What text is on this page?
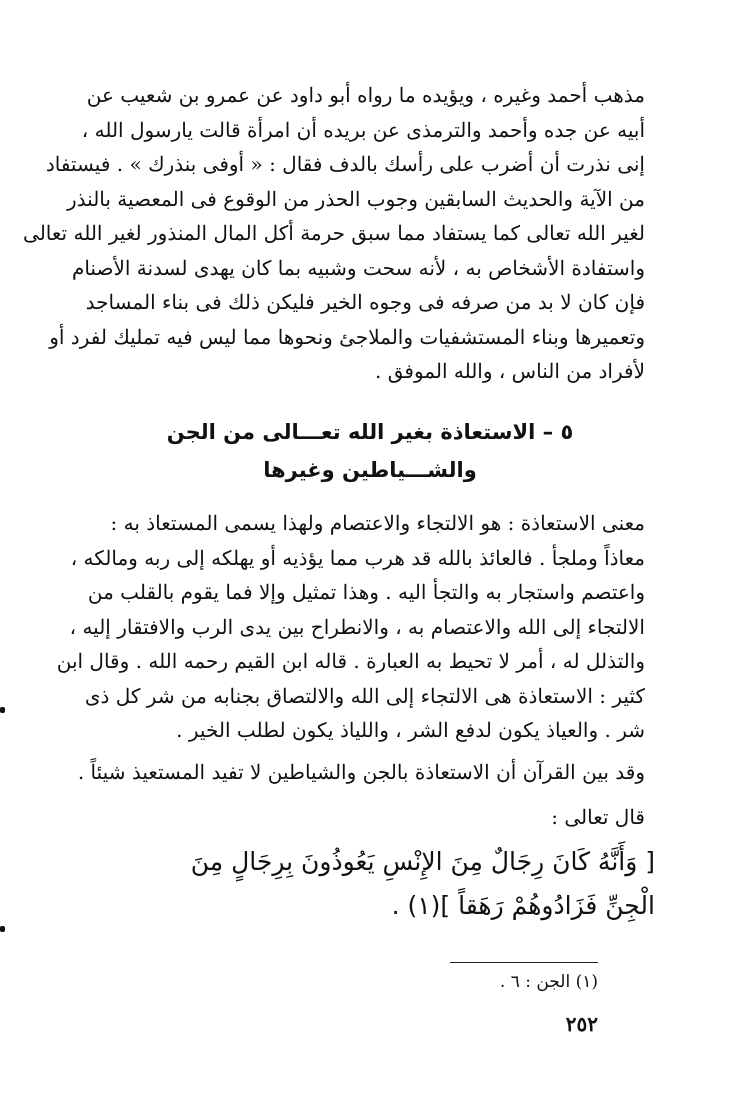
مذهب أحمد وغيره ، ويؤيده ما رواه أبو داود عن عمرو بن شعيب عن
أبيه عن جده وأحمد والترمذى عن بريده أن امرأة قالت يارسول الله ،
إنى نذرت أن أضرب على رأسك بالدف فقال : « أوفى بنذرك » . فيستفاد
من الآية والحديث السابقين وجوب الحذر من الوقوع فى المعصية بالنذر
لغير الله تعالى كما يستفاد مما سبق حرمة أكل المال المنذور لغير الله تعالى
واستفادة الأشخاص به ، لأنه سحت وشبيه بما كان يهدى لسدنة الأصنام
فإن كان لا بد من صرفه فى وجوه الخير فليكن ذلك فى بناء المساجد
وتعميرها وبناء المستشفيات والملاجئ ونحوها مما ليس فيه تمليك لفرد أو
لأفراد من الناس ، والله الموفق .
٥ – الاستعاذة بغير الله تعـــالى من الجن
والشـــياطين وغيرها
معنى الاستعاذة : هو الالتجاء والاعتصام ولهذا يسمى المستعاذ به :
معاذاً وملجأ . فالعائذ بالله قد هرب مما يؤذيه أو يهلكه إلى ربه ومالكه ،
واعتصم واستجار به والتجأ اليه . وهذا تمثيل وإلا فما يقوم بالقلب من
الالتجاء إلى الله والاعتصام به ، والانطراح بين يدى الرب والافتقار إليه ،
والتذلل له ، أمر لا تحيط به العبارة . قاله ابن القيم رحمه الله . وقال ابن
كثير : الاستعاذة هى الالتجاء إلى الله والالتصاق بجنابه من شر كل ذى
شر . والعياذ يكون لدفع الشر ، واللياذ يكون لطلب الخير .
وقد بين القرآن أن الاستعاذة بالجن والشياطين لا تفيد المستعيذ شيئاً .
قال تعالى :
[ وَأَنَّهُ كَانَ رِجَالٌ مِنَ الإِنْسِ يَعُوذُونَ بِرِجَالٍ مِنَ
الْجِنِّ فَزَادُوهُمْ رَهَقاً ](١) .
(١) الجن : ٦ .
٢٥٢
